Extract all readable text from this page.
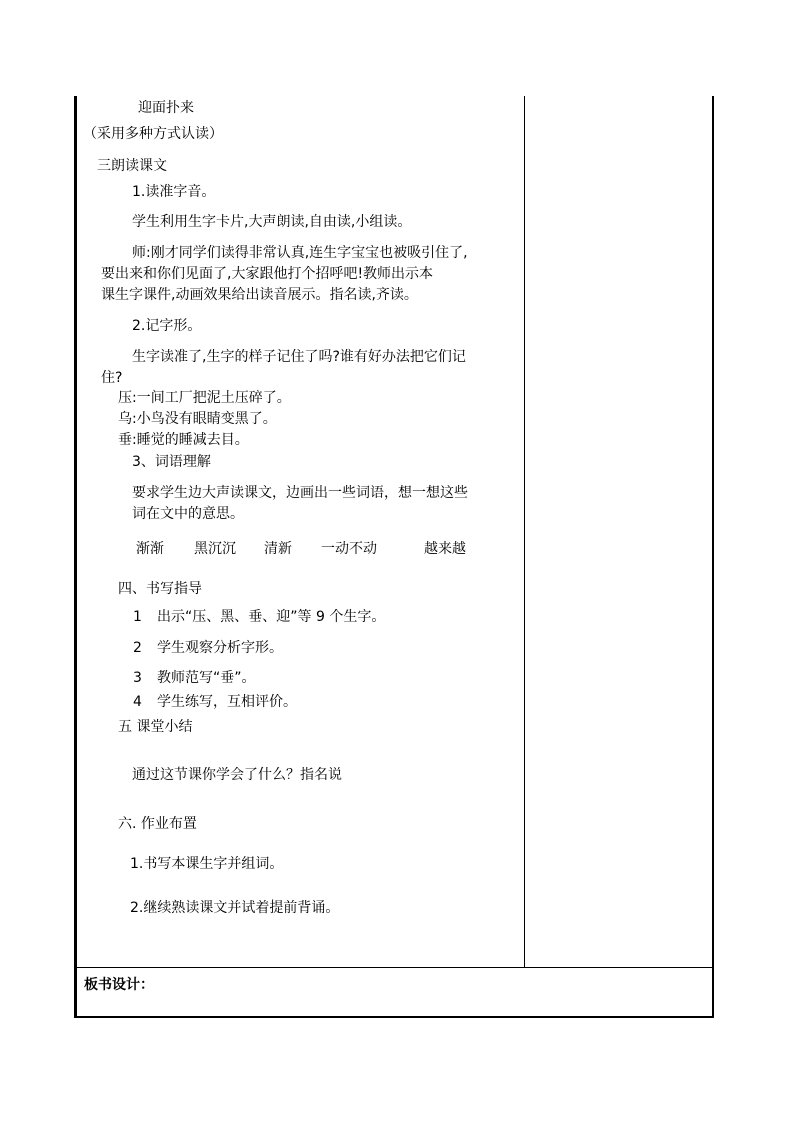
迎面扑来
（采用多种方式认读）
三朗读课文
1.读准字音。
学生利用生字卡片,大声朗读,自由读,小组读。
师:刚才同学们读得非常认真,连生字宝宝也被吸引住了,
要出来和你们见面了,大家跟他打个招呼吧!教师出示本
课生字课件,动画效果给出读音展示。指名读,齐读。
2.记字形。
生字读准了,生字的样子记住了吗?谁有好办法把它们记
住?
压:一间工厂把泥土压碎了。
乌:小鸟没有眼睛变黑了。
垂:睡觉的睡减去目。
3、词语理解
要求学生边大声读课文，边画出一些词语，想一想这些
词在文中的意思。
渐渐 黑沉沉 清新 一动不动	越来越
四、书写指导
1 出示“压、黑、垂、迎”等 9 个生字。
2 学生观察分析字形。
3 教师范写“垂”。
4 学生练写，互相评价。
五 课堂小结
通过这节课你学会了什么？指名说
六. 作业布置
1.书写本课生字并组词。
2.继续熟读课文并试着提前背诵。
板书设计：
